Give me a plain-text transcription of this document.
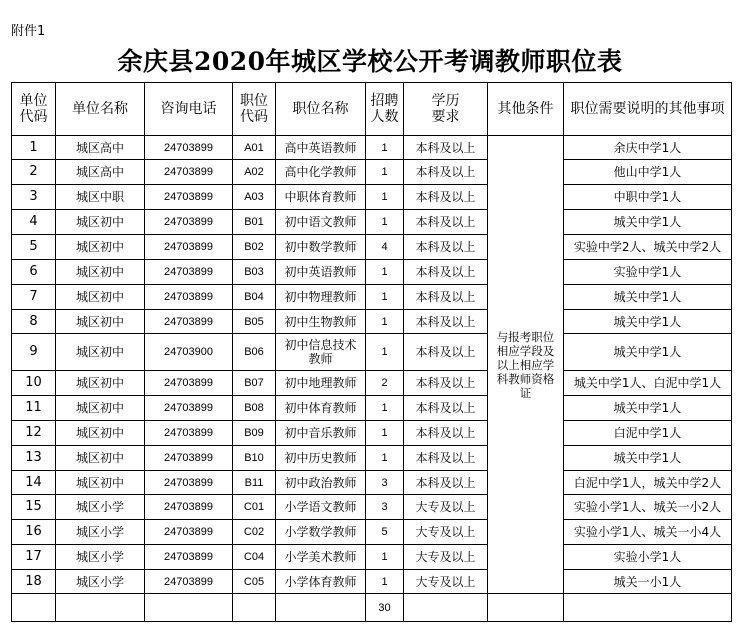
附件1
余庆县2020年城区学校公开考调教师职位表
单位代码	单位名称	咨询电话	职位代码	职位名称	招聘人数	学历要求	其他条件	职位需要说明的其他事项

1	城区高中	24703899	A01	高中英语教师	1	本科及以上	与报考职位相应学段及以上相应学科教师资格证	余庆中学1人
2	城区高中	24703899	A02	高中化学教师	1	本科及以上		他山中学1人
3	城区中职	24703899	A03	中职体育教师	1	本科及以上		中职中学1人
4	城区初中	24703899	B01	初中语文教师	1	本科及以上		城关中学1人
5	城区初中	24703899	B02	初中数学教师	4	本科及以上		实验中学2人、城关中学2人
6	城区初中	24703899	B03	初中英语教师	1	本科及以上		实验中学1人
7	城区初中	24703899	B04	初中物理教师	1	本科及以上		城关中学1人
8	城区初中	24703899	B05	初中生物教师	1	本科及以上		城关中学1人
9	城区初中	24703900	B06	初中信息技术教师	1	本科及以上		城关中学1人
10	城区初中	24703899	B07	初中地理教师	2	本科及以上		城关中学1人、白泥中学1人
11	城区初中	24703899	B08	初中体育教师	1	本科及以上		城关中学1人
12	城区初中	24703899	B09	初中音乐教师	1	本科及以上		白泥中学1人
13	城区初中	24703899	B10	初中历史教师	1	本科及以上		城关中学1人
14	城区初中	24703899	B11	初中政治教师	3	本科及以上		白泥中学1人，城关中学2人
15	城区小学	24703899	C01	小学语文教师	3	大专及以上		实验小学1人、城关一小2人
16	城区小学	24703899	C02	小学数学教师	5	大专及以上		实验小学1人、城关一小4人
17	城区小学	24703899	C04	小学美术教师	1	大专及以上		实验小学1人
18	城区小学	24703899	C05	小学体育教师	1	大专及以上		城关一小1人
					30			
